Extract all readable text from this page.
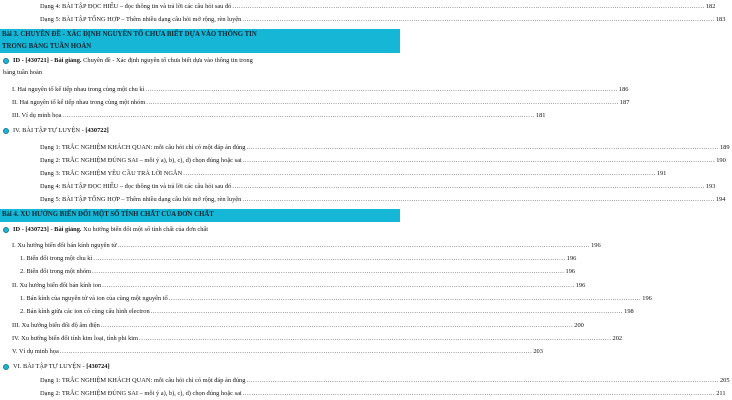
Dạng 4: BÀI TẬP ĐỌC HIỂU – đọc thông tin và trả lời các câu hỏi sau đó .....	182
Dạng 5: BÀI TẬP TỔNG HỢP – Thêm nhiều dạng câu hỏi mở rộng, rèn luyện .....	183
Bài 3. CHUYÊN ĐỀ - XÁC ĐỊNH NGUYÊN TỐ CHƯA BIẾT DỰA VÀO THÔNG TIN
TRONG BẢNG TUẦN HOÀN
ID - [430721] - Bài giảng. Chuyên đề - Xác định nguyên tố chưa biết dựa vào thông tin trong
bảng tuần hoàn
I. Hai nguyên tố kế tiếp nhau trong cùng một chu kì .....	186
II. Hai nguyên tố kế tiếp nhau trong cùng một nhóm .....	187
III. Ví dụ minh họa .....	181
IV. BÀI TẬP TỰ LUYỆN - [430722]
Dạng 1: TRẮC NGHIỆM KHÁCH QUAN: mỗi câu hỏi chỉ có một đáp án đúng .....	189
Dạng 2: TRẮC NGHIỆM ĐÚNG SAI – mỗi ý a), b), c), d) chọn đúng hoặc sai .....	190
Dạng 3: TRẮC NGHIỆM YÊU CẦU TRẢ LỜI NGẮN .....	191
Dạng 4: BÀI TẬP ĐỌC HIỂU – đọc thông tin và trả lời các câu hỏi sau đó .....	193
Dạng 5: BÀI TẬP TỔNG HỢP – Thêm nhiều dạng câu hỏi mở rộng, rèn luyện .....	194
Bài 4. XU HƯỚNG BIẾN ĐỔI MỘT SỐ TÍNH CHẤT CỦA ĐƠN CHẤT
ID - [430723] - Bài giảng. Xu hướng biến đổi một số tính chất của đơn chất
I. Xu hướng biến đổi bán kính nguyên tử .....	196
1. Biến đổi trong một chu kì .....	196
2. Biến đổi trong một nhóm .....	196
II. Xu hướng biến đổi bán kính ion .....	196
1. Bán kính của nguyên tử và ion của cùng một nguyên tố .....	196
2. Bán kính giữa các ion có cùng cấu hình electron .....	198
III. Xu hướng biến đổi độ âm điện .....	200
IV. Xu hướng biến đổi tính kim loại, tính phi kim .....	202
V. Ví dụ minh họa .....	203
VI. BÀI TẬP TỰ LUYỆN - [430724]
Dạng 1: TRẮC NGHIỆM KHÁCH QUAN: mỗi câu hỏi chỉ có một đáp án đúng .....	205
Dạng 2: TRẮC NGHIỆM ĐÚNG SAI – mỗi ý a), b), c), d) chọn đúng hoặc sai .....	211
